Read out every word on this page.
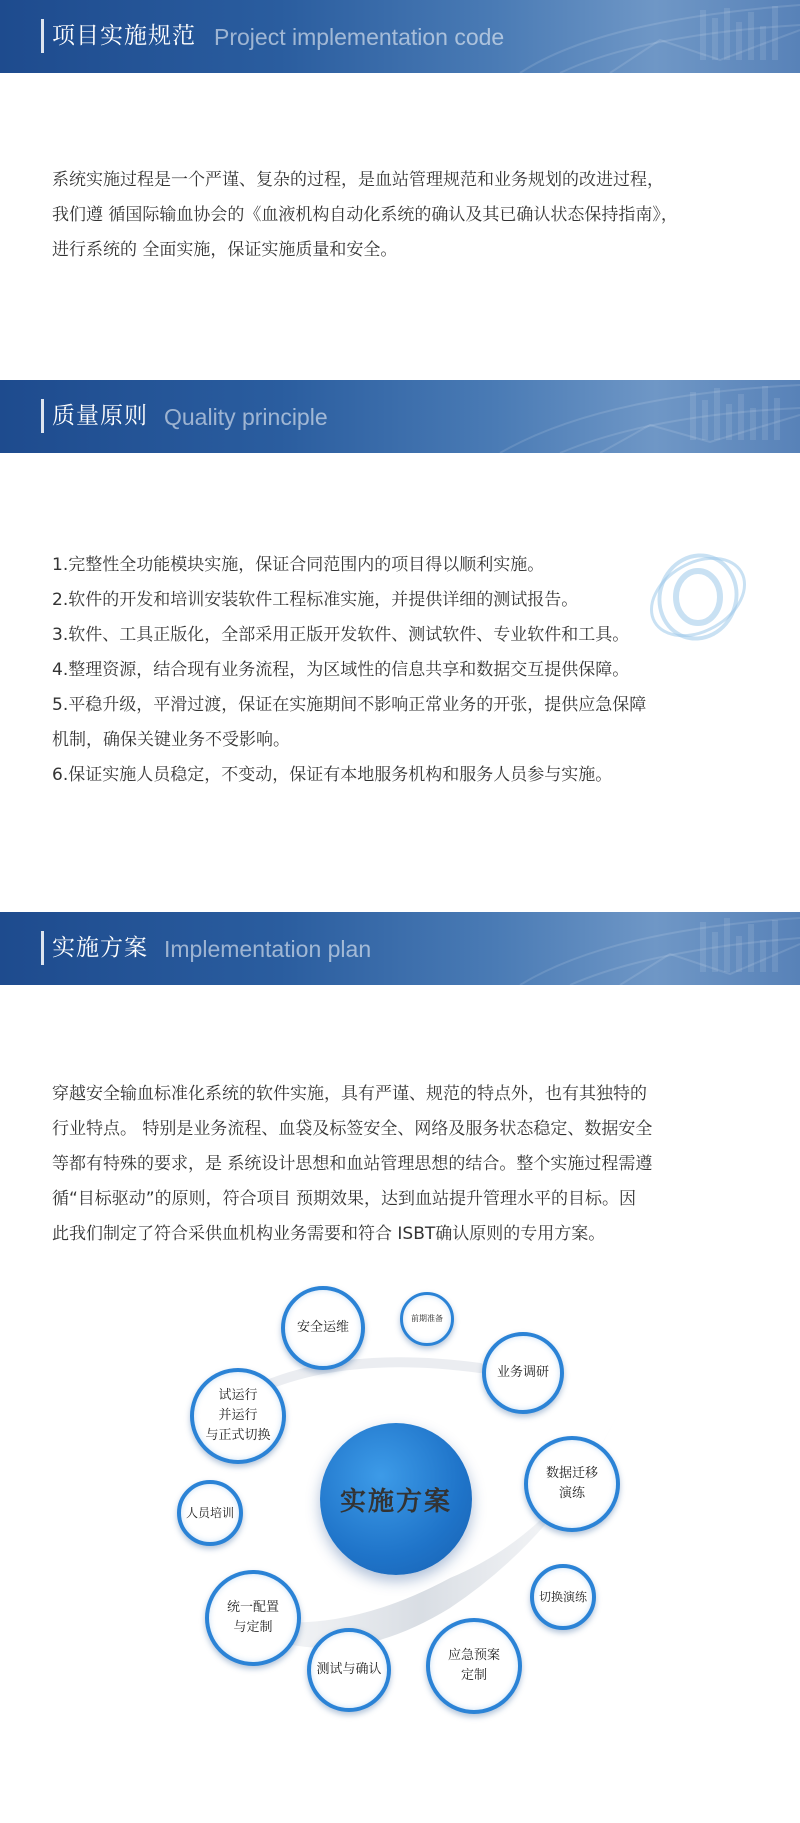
项目实施规范 Project implementation code

系统实施过程是一个严谨、复杂的过程，是血站管理规范和业务规划的改进过程，
我们遵 循国际输血协会的《血液机构自动化系统的确认及其已确认状态保持指南》，
进行系统的 全面实施，保证实施质量和安全。

质量原则 Quality principle

1.完整性全功能模块实施，保证合同范围内的项目得以顺利实施。
2.软件的开发和培训安装软件工程标准实施，并提供详细的测试报告。
3.软件、工具正版化，全部采用正版开发软件、测试软件、专业软件和工具。
4.整理资源，结合现有业务流程，为区域性的信息共享和数据交互提供保障。
5.平稳升级，平滑过渡，保证在实施期间不影响正常业务的开张，提供应急保障
机制，确保关键业务不受影响。
6.保证实施人员稳定，不变动，保证有本地服务机构和服务人员参与实施。

实施方案 Implementation plan

穿越安全输血标准化系统的软件实施，具有严谨、规范的特点外，也有其独特的
行业特点。 特别是业务流程、血袋及标签安全、网络及服务状态稳定、数据安全
等都有特殊的要求，是 系统设计思想和血站管理思想的结合。整个实施过程需遵
循“目标驱动”的原则，符合项目 预期效果，达到血站提升管理水平的目标。因
此我们制定了符合采供血机构业务需要和符合 ISBT确认原则的专用方案。

实施方案
安全运维
前期准备
业务调研
试运行
并运行
与正式切换
数据迁移
演练
人员培训
切换演练
统一配置
与定制
测试与确认
应急预案
定制
